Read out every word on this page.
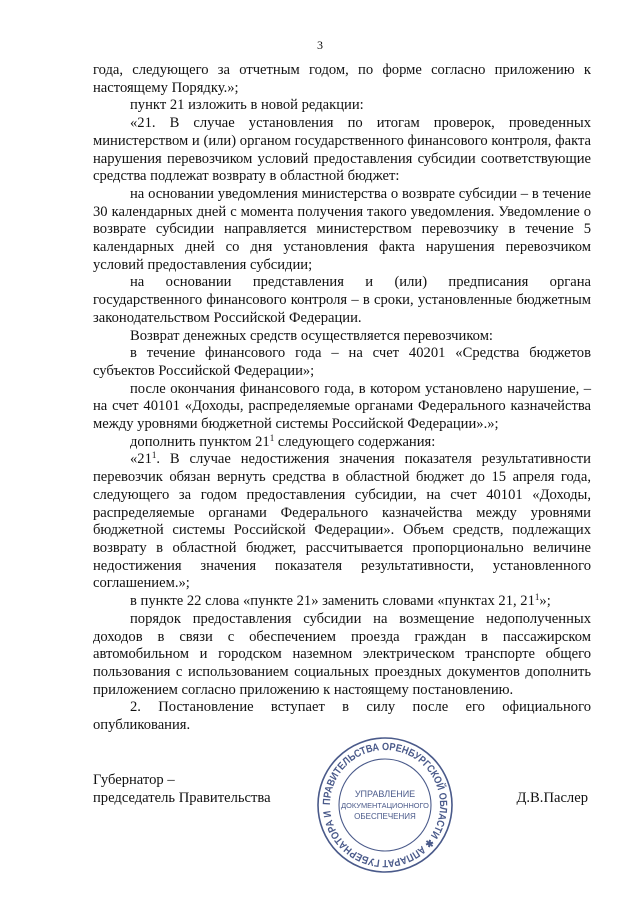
3

года, следующего за отчетным годом, по форме согласно приложению к настоящему Порядку.»;

пункт 21 изложить в новой редакции:

«21. В случае установления по итогам проверок, проведенных министерством и (или) органом государственного финансового контроля, факта нарушения перевозчиком условий предоставления субсидии соответствующие средства подлежат возврату в областной бюджет:

на основании уведомления министерства о возврате субсидии – в течение 30 календарных дней с момента получения такого уведомления. Уведомление о возврате субсидии направляется министерством перевозчику в течение 5 календарных дней со дня установления факта нарушения перевозчиком условий предоставления субсидии;

на основании представления и (или) предписания органа государственного финансового контроля – в сроки, установленные бюджетным законодательством Российской Федерации.

Возврат денежных средств осуществляется перевозчиком:

в течение финансового года – на счет 40201 «Средства бюджетов субъектов Российской Федерации»;

после окончания финансового года, в котором установлено нарушение, – на счет 40101 «Доходы, распределяемые органами Федерального казначейства между уровнями бюджетной системы Российской Федерации».»;

дополнить пунктом $21^1$ следующего содержания:

«$21^1$. В случае недостижения значения показателя результативности перевозчик обязан вернуть средства в областной бюджет до 15 апреля года, следующего за годом предоставления субсидии, на счет 40101 «Доходы, распределяемые органами Федерального казначейства между уровнями бюджетной системы Российской Федерации». Объем средств, подлежащих возврату в областной бюджет, рассчитывается пропорционально величине недостижения значения показателя результативности, установленного соглашением.»;

в пункте 22 слова «пункте 21» заменить словами «пунктах 21, $21^1$»;

порядок предоставления субсидии на возмещение недополученных доходов в связи с обеспечением проезда граждан в пассажирском автомобильном и городском наземном электрическом транспорте общего пользования с использованием социальных проездных документов дополнить приложением согласно приложению к настоящему постановлению.

2. Постановление вступает в силу после его официального опубликования.

Губернатор –
председатель Правительства	ПРАВИТЕЛЬСТВА ОРЕНБУРГСКОЙ ОБЛАСТИ ✱ АППАРАТ ГУБЕРНАТОРА И
УПРАВЛЕНИЕ
ДОКУМЕНТАЦИОННОГО
ОБЕСПЕЧЕНИЯ
Д.В.Паслер
